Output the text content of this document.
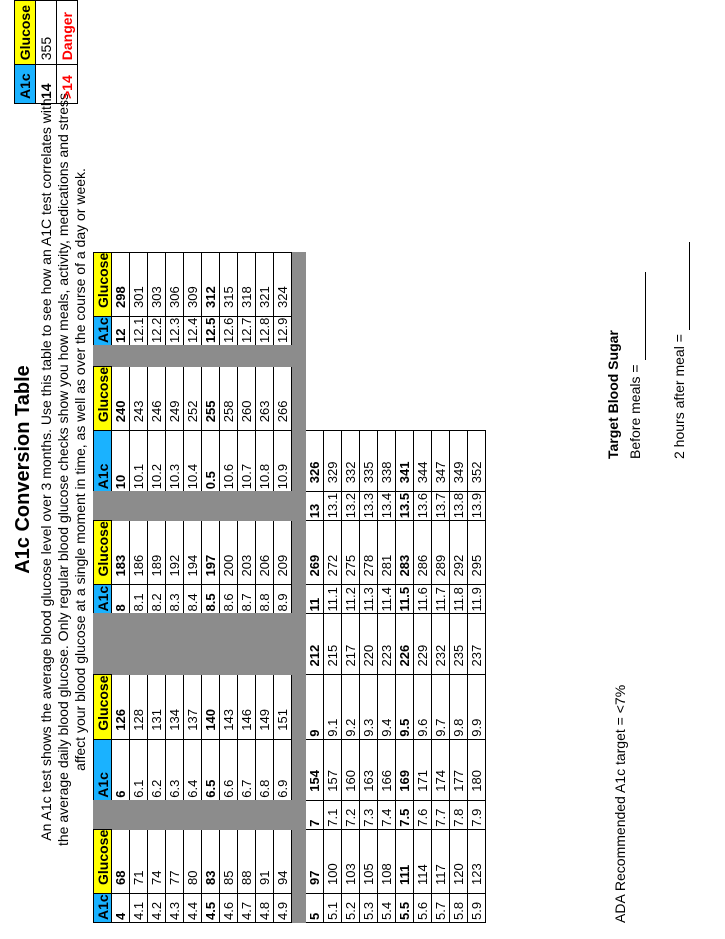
A1c Conversion Table An A1c test shows the average blood glucose level over 3 months. Use this table to see how an A1C test correlates with the average daily blood glucose. Only regular blood glucose checks show you how meals, activity, medications and stress affect your blood glucose at a single moment in time, as well as over the course of a day or week.
A1c	Glucose		A1c	Glucose		A1c	Glucose		A1c	Glucose		A1c	Glucose
4	68		6	126		8	183		10	240		12	298
4.1	71		6.1	128		8.1	186		10.1	243		12.1	301
4.2	74		6.2	131		8.2	189		10.2	246		12.2	303
4.3	77		6.3	134		8.3	192		10.3	249		12.3	306
4.4	80		6.4	137		8.4	194		10.4	252		12.4	309
4.5	83		6.5	140		8.5	197		0.5	255		12.5	312
4.6	85		6.6	143		8.6	200		10.6	258		12.6	315
4.7	88		6.7	146		8.7	203		10.7	260		12.7	318
4.8	91		6.8	149		8.8	206		10.8	263		12.8	321
4.9	94		6.9	151		8.9	209		10.9	266		12.9	324

5	97	7	154	9	212	11	269	13	326				
5.1	100	7.1	157	9.1	215	11.1	272	13.1	329				
5.2	103	7.2	160	9.2	217	11.2	275	13.2	332				
5.3	105	7.3	163	9.3	220	11.3	278	13.3	335				
5.4	108	7.4	166	9.4	223	11.4	281	13.4	338				
5.5	111	7.5	169	9.5	226	11.5	283	13.5	341				
5.6	114	7.6	171	9.6	229	11.6	286	13.6	344				
5.7	117	7.7	174	9.7	232	11.7	289	13.7	347				
5.8	120	7.8	177	9.8	235	11.8	292	13.8	349				
5.9	123	7.9	180	9.9	237	11.9	295	13.9	352				
A1c	Glucose
14	355
>14	Danger
ADA Recommended A1c target = <7%
Target Blood Sugar Before meals = 2 hours after meal =
